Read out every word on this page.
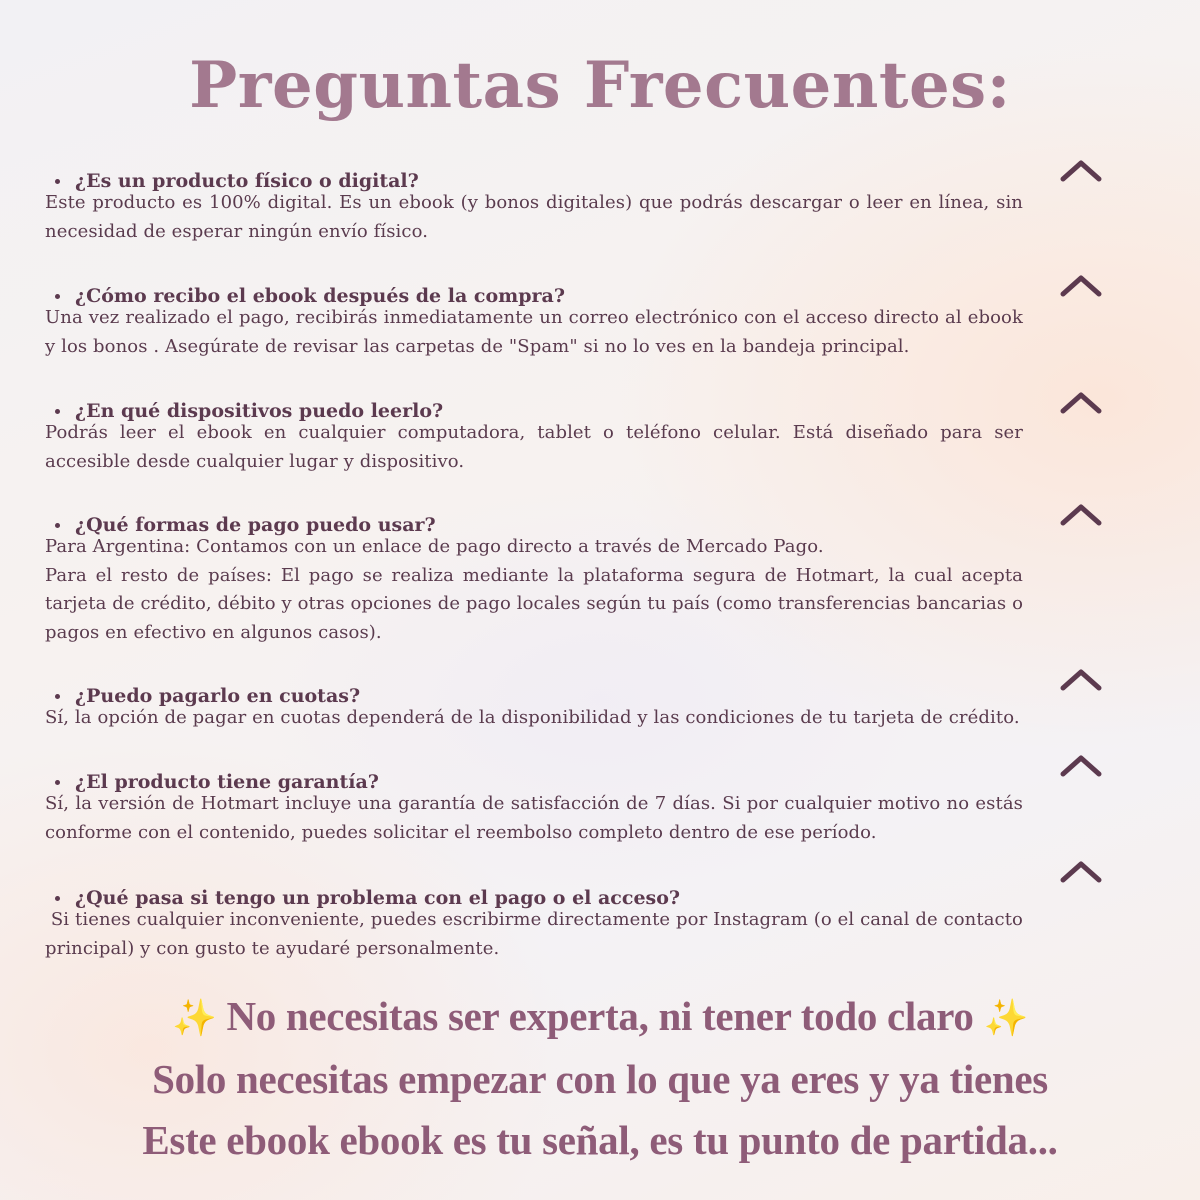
Preguntas Frecuentes:

¿Es un producto físico o digital?

Este producto es 100% digital. Es un ebook (y bonos digitales) que podrás descargar o leer en línea, sin necesidad de esperar ningún envío físico.

¿Cómo recibo el ebook después de la compra?

Una vez realizado el pago, recibirás inmediatamente un correo electrónico con el acceso directo al ebook y los bonos . Asegúrate de revisar las carpetas de "Spam" si no lo ves en la bandeja principal.

¿En qué dispositivos puedo leerlo?

Podrás leer el ebook en cualquier computadora, tablet o teléfono celular. Está diseñado para ser accesible desde cualquier lugar y dispositivo.

¿Qué formas de pago puedo usar?

Para Argentina: Contamos con un enlace de pago directo a través de Mercado Pago.
Para el resto de países: El pago se realiza mediante la plataforma segura de Hotmart, la cual acepta tarjeta de crédito, débito y otras opciones de pago locales según tu país (como transferencias bancarias o pagos en efectivo en algunos casos).

¿Puedo pagarlo en cuotas?

Sí, la opción de pagar en cuotas dependerá de la disponibilidad y las condiciones de tu tarjeta de crédito.

¿El producto tiene garantía?

Sí, la versión de Hotmart incluye una garantía de satisfacción de 7 días. Si por cualquier motivo no estás conforme con el contenido, puedes solicitar el reembolso completo dentro de ese período.

¿Qué pasa si tengo un problema con el pago o el acceso?

Si tienes cualquier inconveniente, puedes escribirme directamente por Instagram (o el canal de contacto principal) y con gusto te ayudaré personalmente.
✨ No necesitas ser experta, ni tener todo claro ✨
Solo necesitas empezar con lo que ya eres y ya tienes
Este ebook ebook es tu señal, es tu punto de partida...
